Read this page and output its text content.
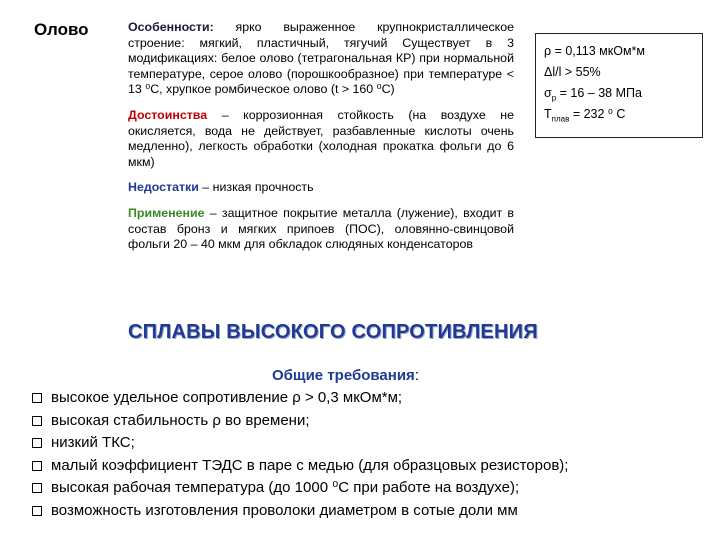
Олово	Особенности: ярко выраженное крупнокристаллическое строение: мягкий, пластичный, тягучий Существует в 3 модификациях: белое олово (тетрагональная КР) при нормальной температуре, серое олово (порошкообразное) при температуре < 13 ⁰С, хрупкое ромбическое олово (t > 160 ⁰С)

Достоинства – коррозионная стойкость (на воздухе не окисляется, вода не действует, разбавленные кислоты очень медленно), легкость обработки (холодная прокатка фольги до 6 мкм)

Недостатки – низкая прочность

Применение – защитное покрытие металла (лужение), входит в состав бронз и мягких припоев (ПОС), оловянно-свинцовой фольги 20 – 40 мкм для обкладок слюдяных конденсаторов

ρ = 0,113 мкОм*м
Δl/l > 55%
$\sigma_р = 16 - 38$ МПа
$T_{плав} = 232$ ⁰ С
СПЛАВЫ ВЫСОКОГО СОПРОТИВЛЕНИЯ
Общие требования:
высокое удельное сопротивление ρ > 0,3 мкОм*м;
высокая стабильность ρ во времени;
низкий ТКС;
малый коэффициент ТЭДС в паре с медью (для образцовых резисторов);
высокая рабочая температура (до 1000 ⁰С при работе на воздухе);
возможность изготовления проволоки диаметром в сотые доли мм
